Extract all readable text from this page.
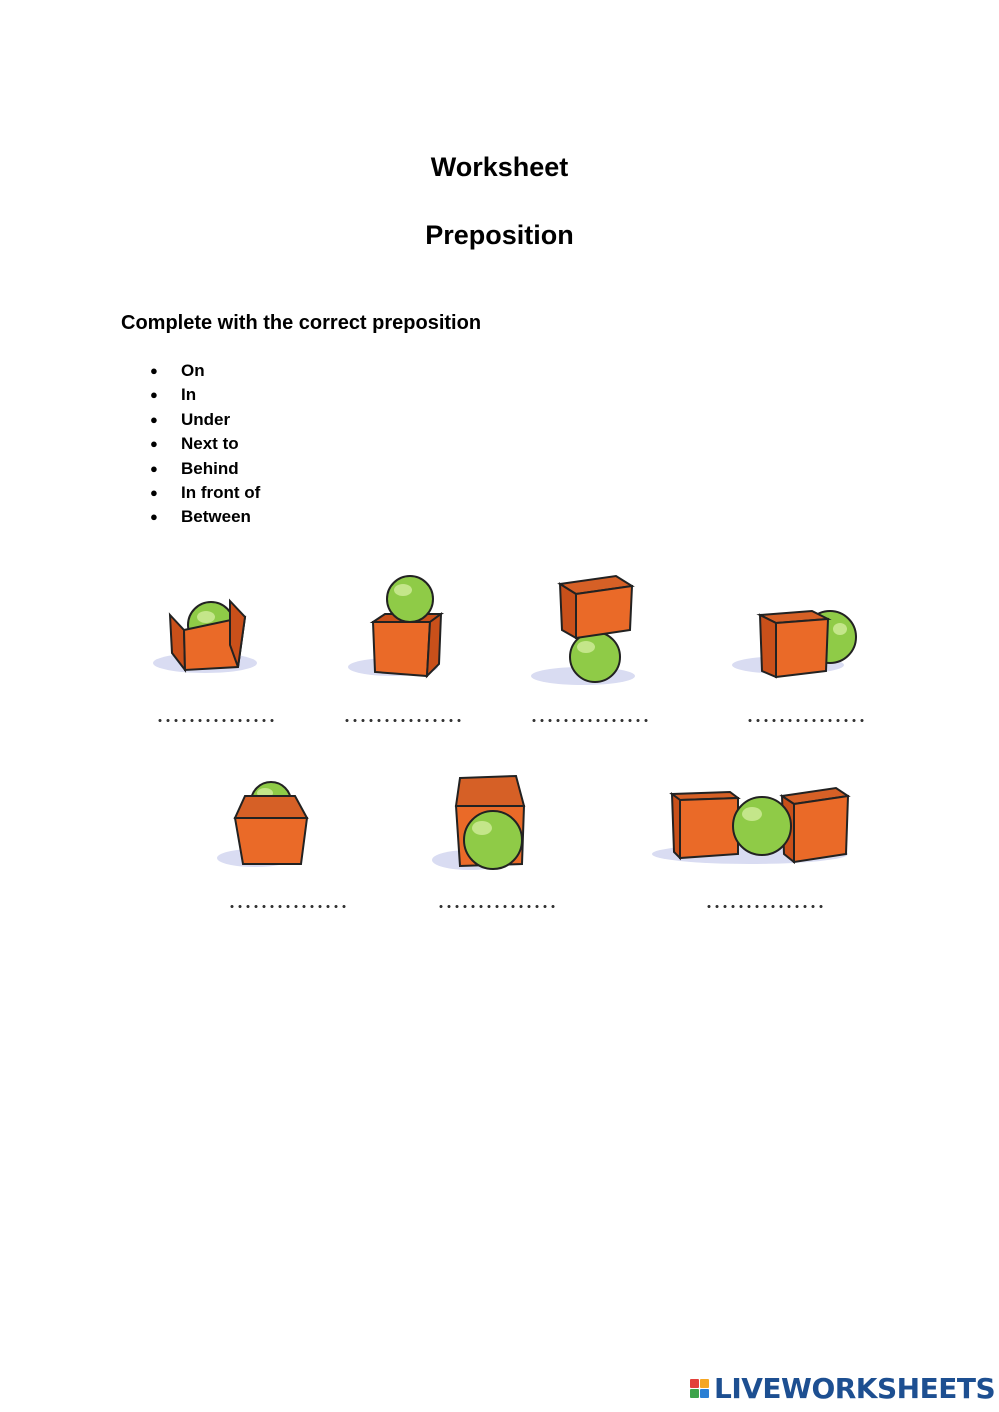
Worksheet
Preposition

Complete with the correct preposition

● On
● In
● Under
● Next to
● Behind
● In front of
● Between
LIVEWORKSHEETS
